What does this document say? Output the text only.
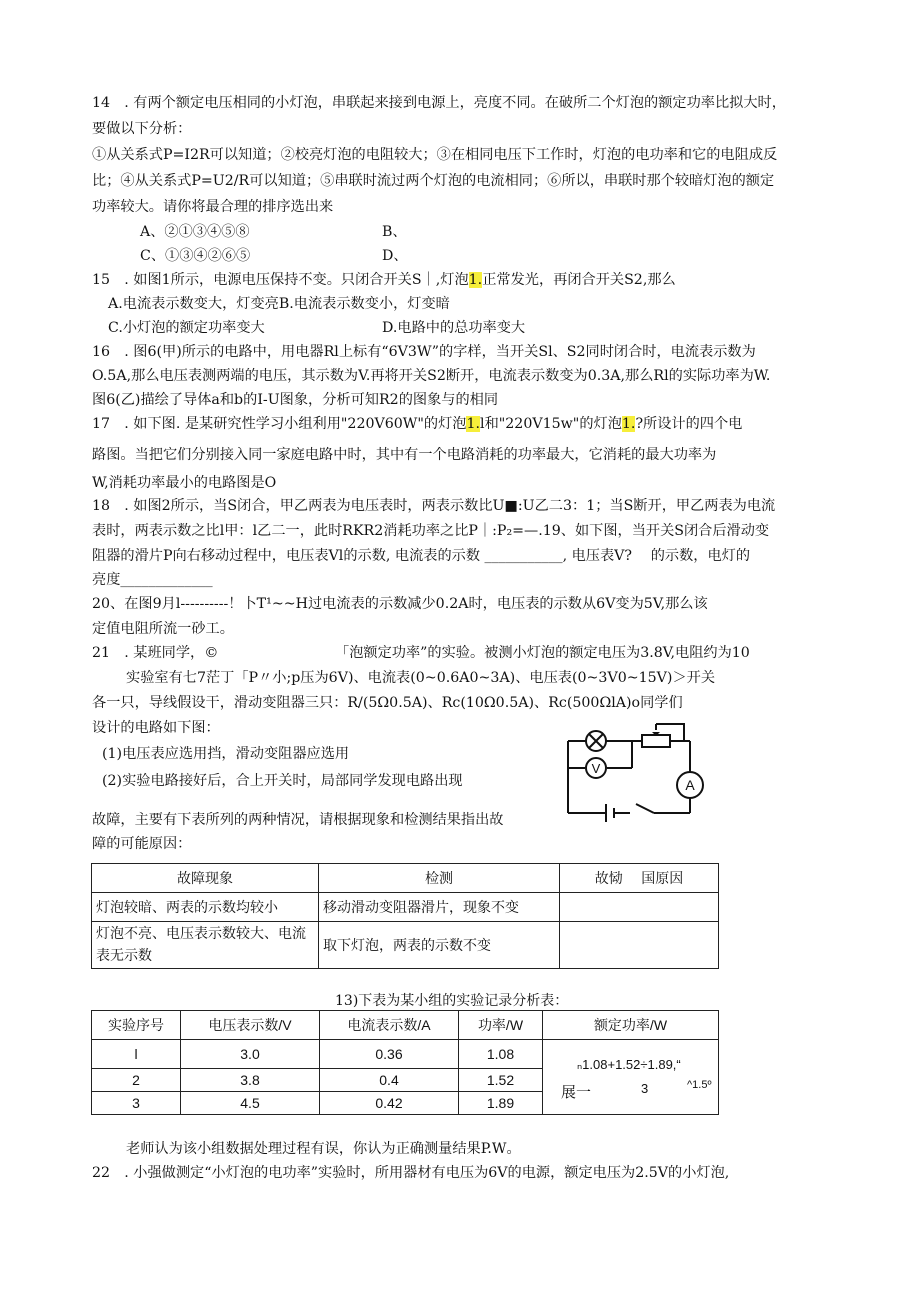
14　. 有两个额定电压相同的小灯泡，串联起来接到电源上，亮度不同。在破所二个灯泡的额定功率比拟大时，
要做以下分析：
①从关系式P=I2R可以知道；②校亮灯泡的电阻较大；③在相同电压下工作时，灯泡的电功率和它的电阻成反
比；④从关系式P=U2/R可以知道；⑤串联时流过两个灯泡的电流相同；⑥所以，串联时那个较暗灯泡的额定
功率较大。请你将最合理的排序选出来
A、②①③④⑤⑧	B、
C、①③④②⑥⑤	D、
15　. 如图1所示，电源电压保持不变。只闭合开关S｜,灯泡1.正常发光，再闭合开关S2,那么
A.电流表示数变大，灯变亮B.电流表示数变小，灯变暗
C.小灯泡的额定功率变大	D.电路中的总功率变大
16　. 图6(甲)所示的电路中，用电器Rl上标有“6V3W”的字样，当开关Sl、S2同时闭合时，电流表示数为
O.5A,那么电压表测两端的电压，其示数为V.再将开关S2断开，电流表示数变为0.3A,那么Rl的实际功率为W.
图6(乙)描绘了导体a和b的I-U图象，分析可知R2的图象与的相同
17　. 如下图. 是某研究性学习小组利用"220V60W"的灯泡1.l和"220V15w"的灯泡1.?所设计的四个电
路图。当把它们分别接入同一家庭电路中时，其中有一个电路消耗的功率最大，它消耗的最大功率为
W,消耗功率最小的电路图是O
18　. 如图2所示，当S闭合，甲乙两表为电压表时，两表示数比U■:U乙二3：1；当S断开，甲乙两表为电流
表时，两表示数之比l甲：l乙二一，此时RKR2消耗功率之比P｜:P₂=—.19、如下图，当开关S闭合后滑动变
阻器的滑片P向右移动过程中，电压表Vl的示数, 电流表的示数 ___________, 电压表V?　 的示数，电灯的
亮度_____________
20、在图9月l----------！卜T¹~~H过电流表的示数减少0.2A时，电压表的示数从6V变为5V,那么该
定值电阻所流一砂工。
21　. 某班同学，©	「泡额定功率”的实验。被测小灯泡的额定电压为3.8V,电阻约为10
实验室有七7茫丁「P〃小;p压为6V)、电流表(0~0.6A0~3A)、电压表(0~3V0~15V)＞开关
各一只，导线假设干，滑动变阻器三只：R/(5Ω0.5A)、Rc(10Ω0.5A)、Rc(500ΩlA)o同学们
设计的电路如下图：
(1)电压表应选用挡，滑动变阻器应选用
(2)实验电路接好后，合上开关时，局部同学发现电路出现
故障，主要有下表所列的两种情况，请根据现象和检测结果指出故
障的可能原因：
V
A
故障现象	检测	故恸　 国原因
灯泡较暗、两表的示数均较小	移动滑动变阻器滑片，现象不变	
灯泡不亮、电压表示数较大、电流表无示数	取下灯泡，两表的示数不变	
13)下表为某小组的实验记录分析表：
实验序号	电压表示数/V	电流表示数/A	功率/W	额定功率/W
l	3.0	0.36	1.08	ₙ1.08+1.52÷1.89,“
展一 3 ^1.5º

2	3.8	0.4	1.52	
3	4.5	0.42	1.89	
老师认为该小组数据处理过程有误，你认为正确测量结果P.W。
22　. 小强做测定“小灯泡的电功率”实验时，所用器材有电压为6V的电源，额定电压为2.5V的小灯泡,
